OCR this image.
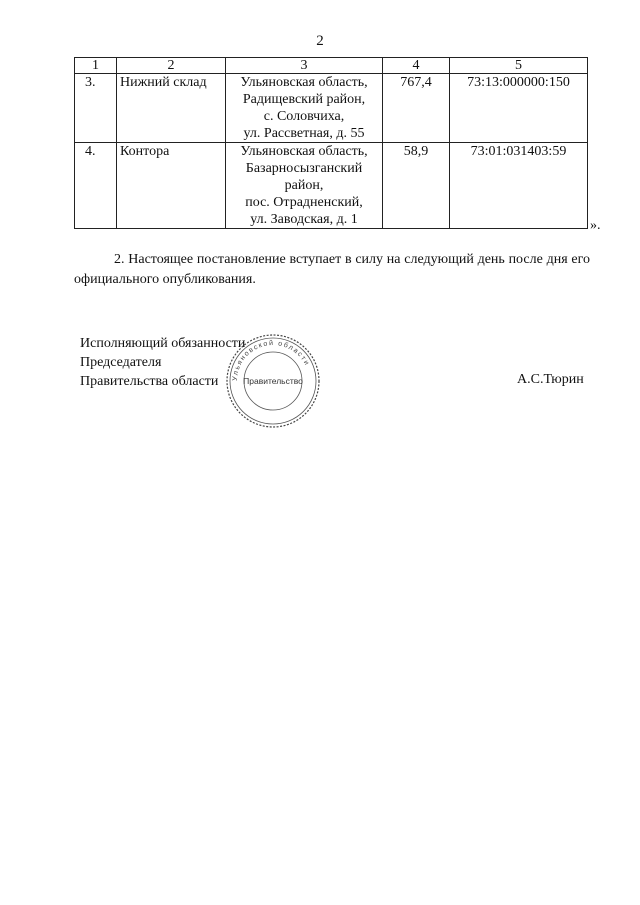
2
1	2	3	4	5
3.	Нижний склад	Ульяновская область,
Радищевский район,
с. Соловчиха,
ул. Рассветная, д. 55	767,4	73:13:000000:150
4.	Контора	Ульяновская область,
Базарносызганский
район,
пос. Отрадненский,
ул. Заводская, д. 1	58,9	73:01:031403:59
».
2. Настоящее постановление вступает в силу на следующий день после дня его официального опубликования.
Исполняющий обязанности
Председателя
Правительства области	А.С.Тюрин
Ульяновской области
Правительство
